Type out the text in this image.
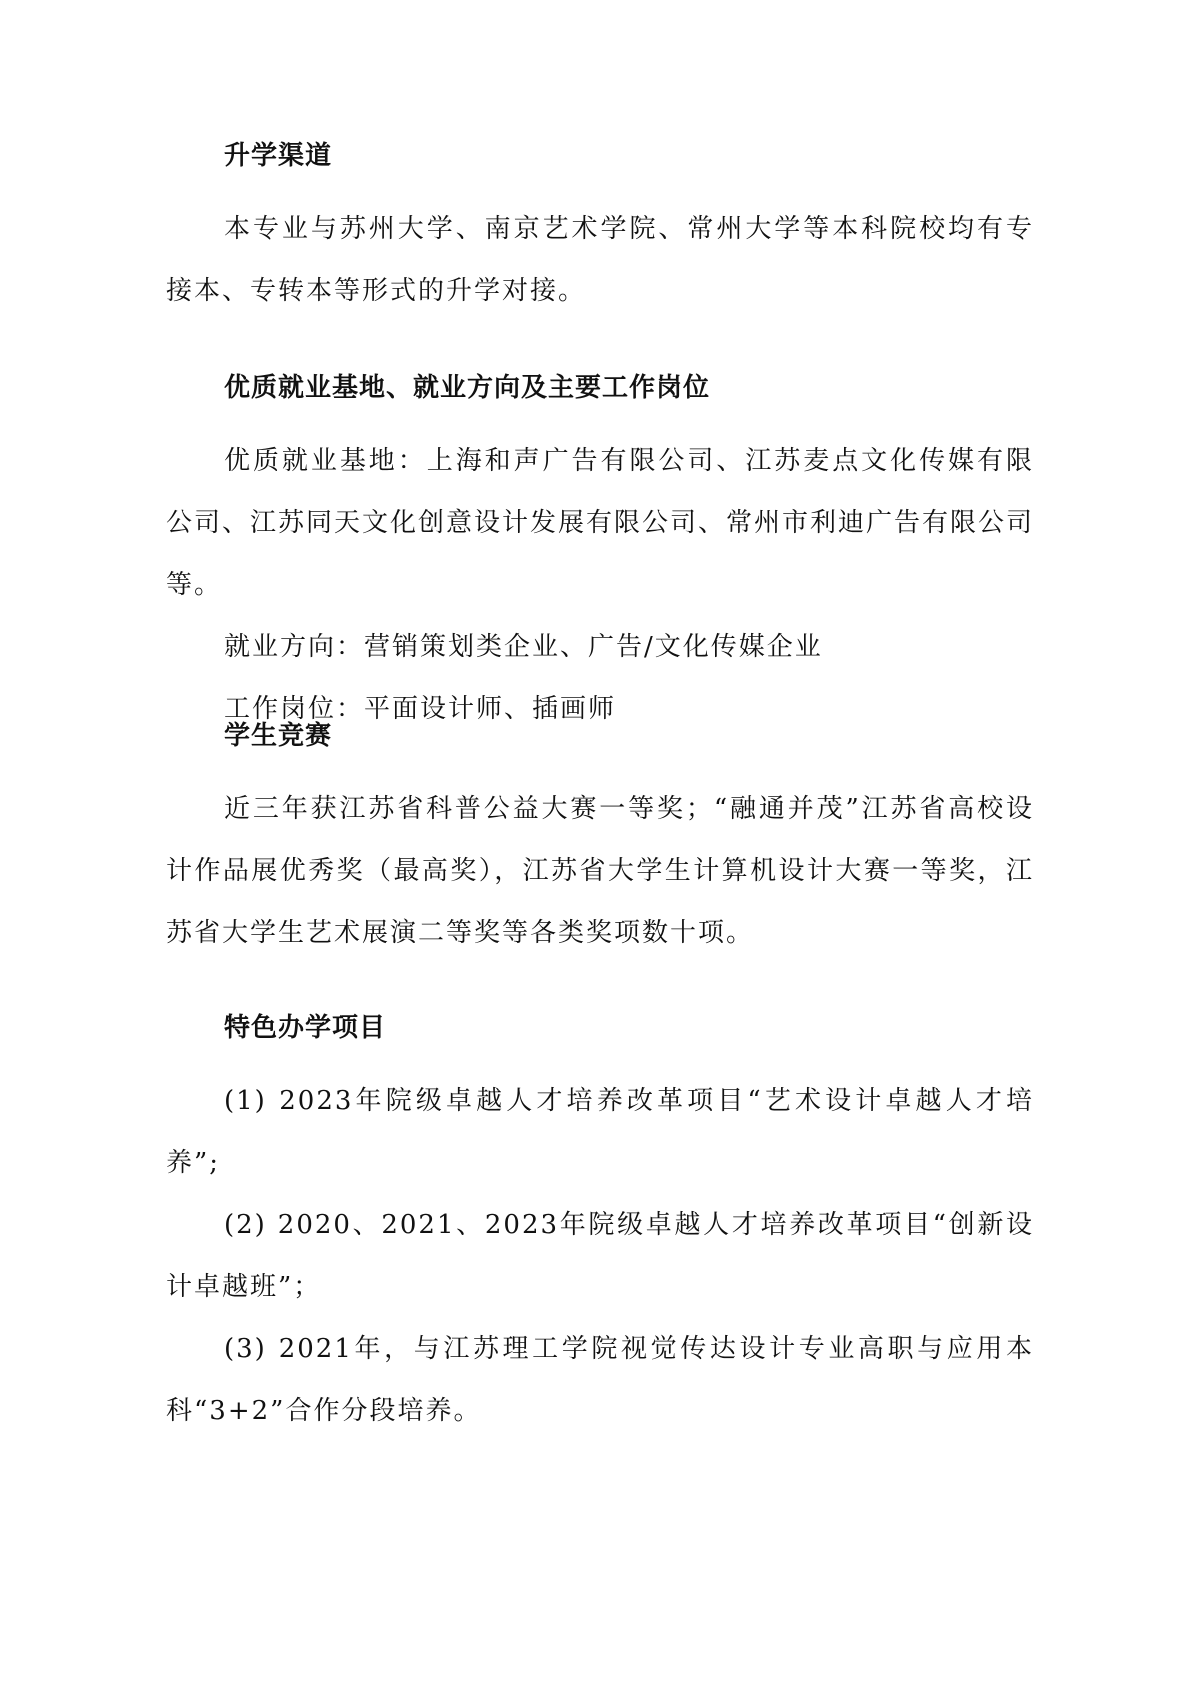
升学渠道

本专业与苏州大学、南京艺术学院、常州大学等本科院校均有专接本、专转本等形式的升学对接。

优质就业基地、就业方向及主要工作岗位

优质就业基地：上海和声广告有限公司、江苏麦点文化传媒有限公司、江苏同天文化创意设计发展有限公司、常州市利迪广告有限公司等。

就业方向：营销策划类企业、广告/文化传媒企业

工作岗位：平面设计师、插画师

学生竞赛

近三年获江苏省科普公益大赛一等奖；“融通并茂”江苏省高校设计作品展优秀奖（最高奖），江苏省大学生计算机设计大赛一等奖，江苏省大学生艺术展演二等奖等各类奖项数十项。

特色办学项目

(1) 2023年院级卓越人才培养改革项目“艺术设计卓越人才培养”;

(2) 2020、2021、2023年院级卓越人才培养改革项目“创新设计卓越班”；

(3) 2021年，与江苏理工学院视觉传达设计专业高职与应用本科“3+2”合作分段培养。
